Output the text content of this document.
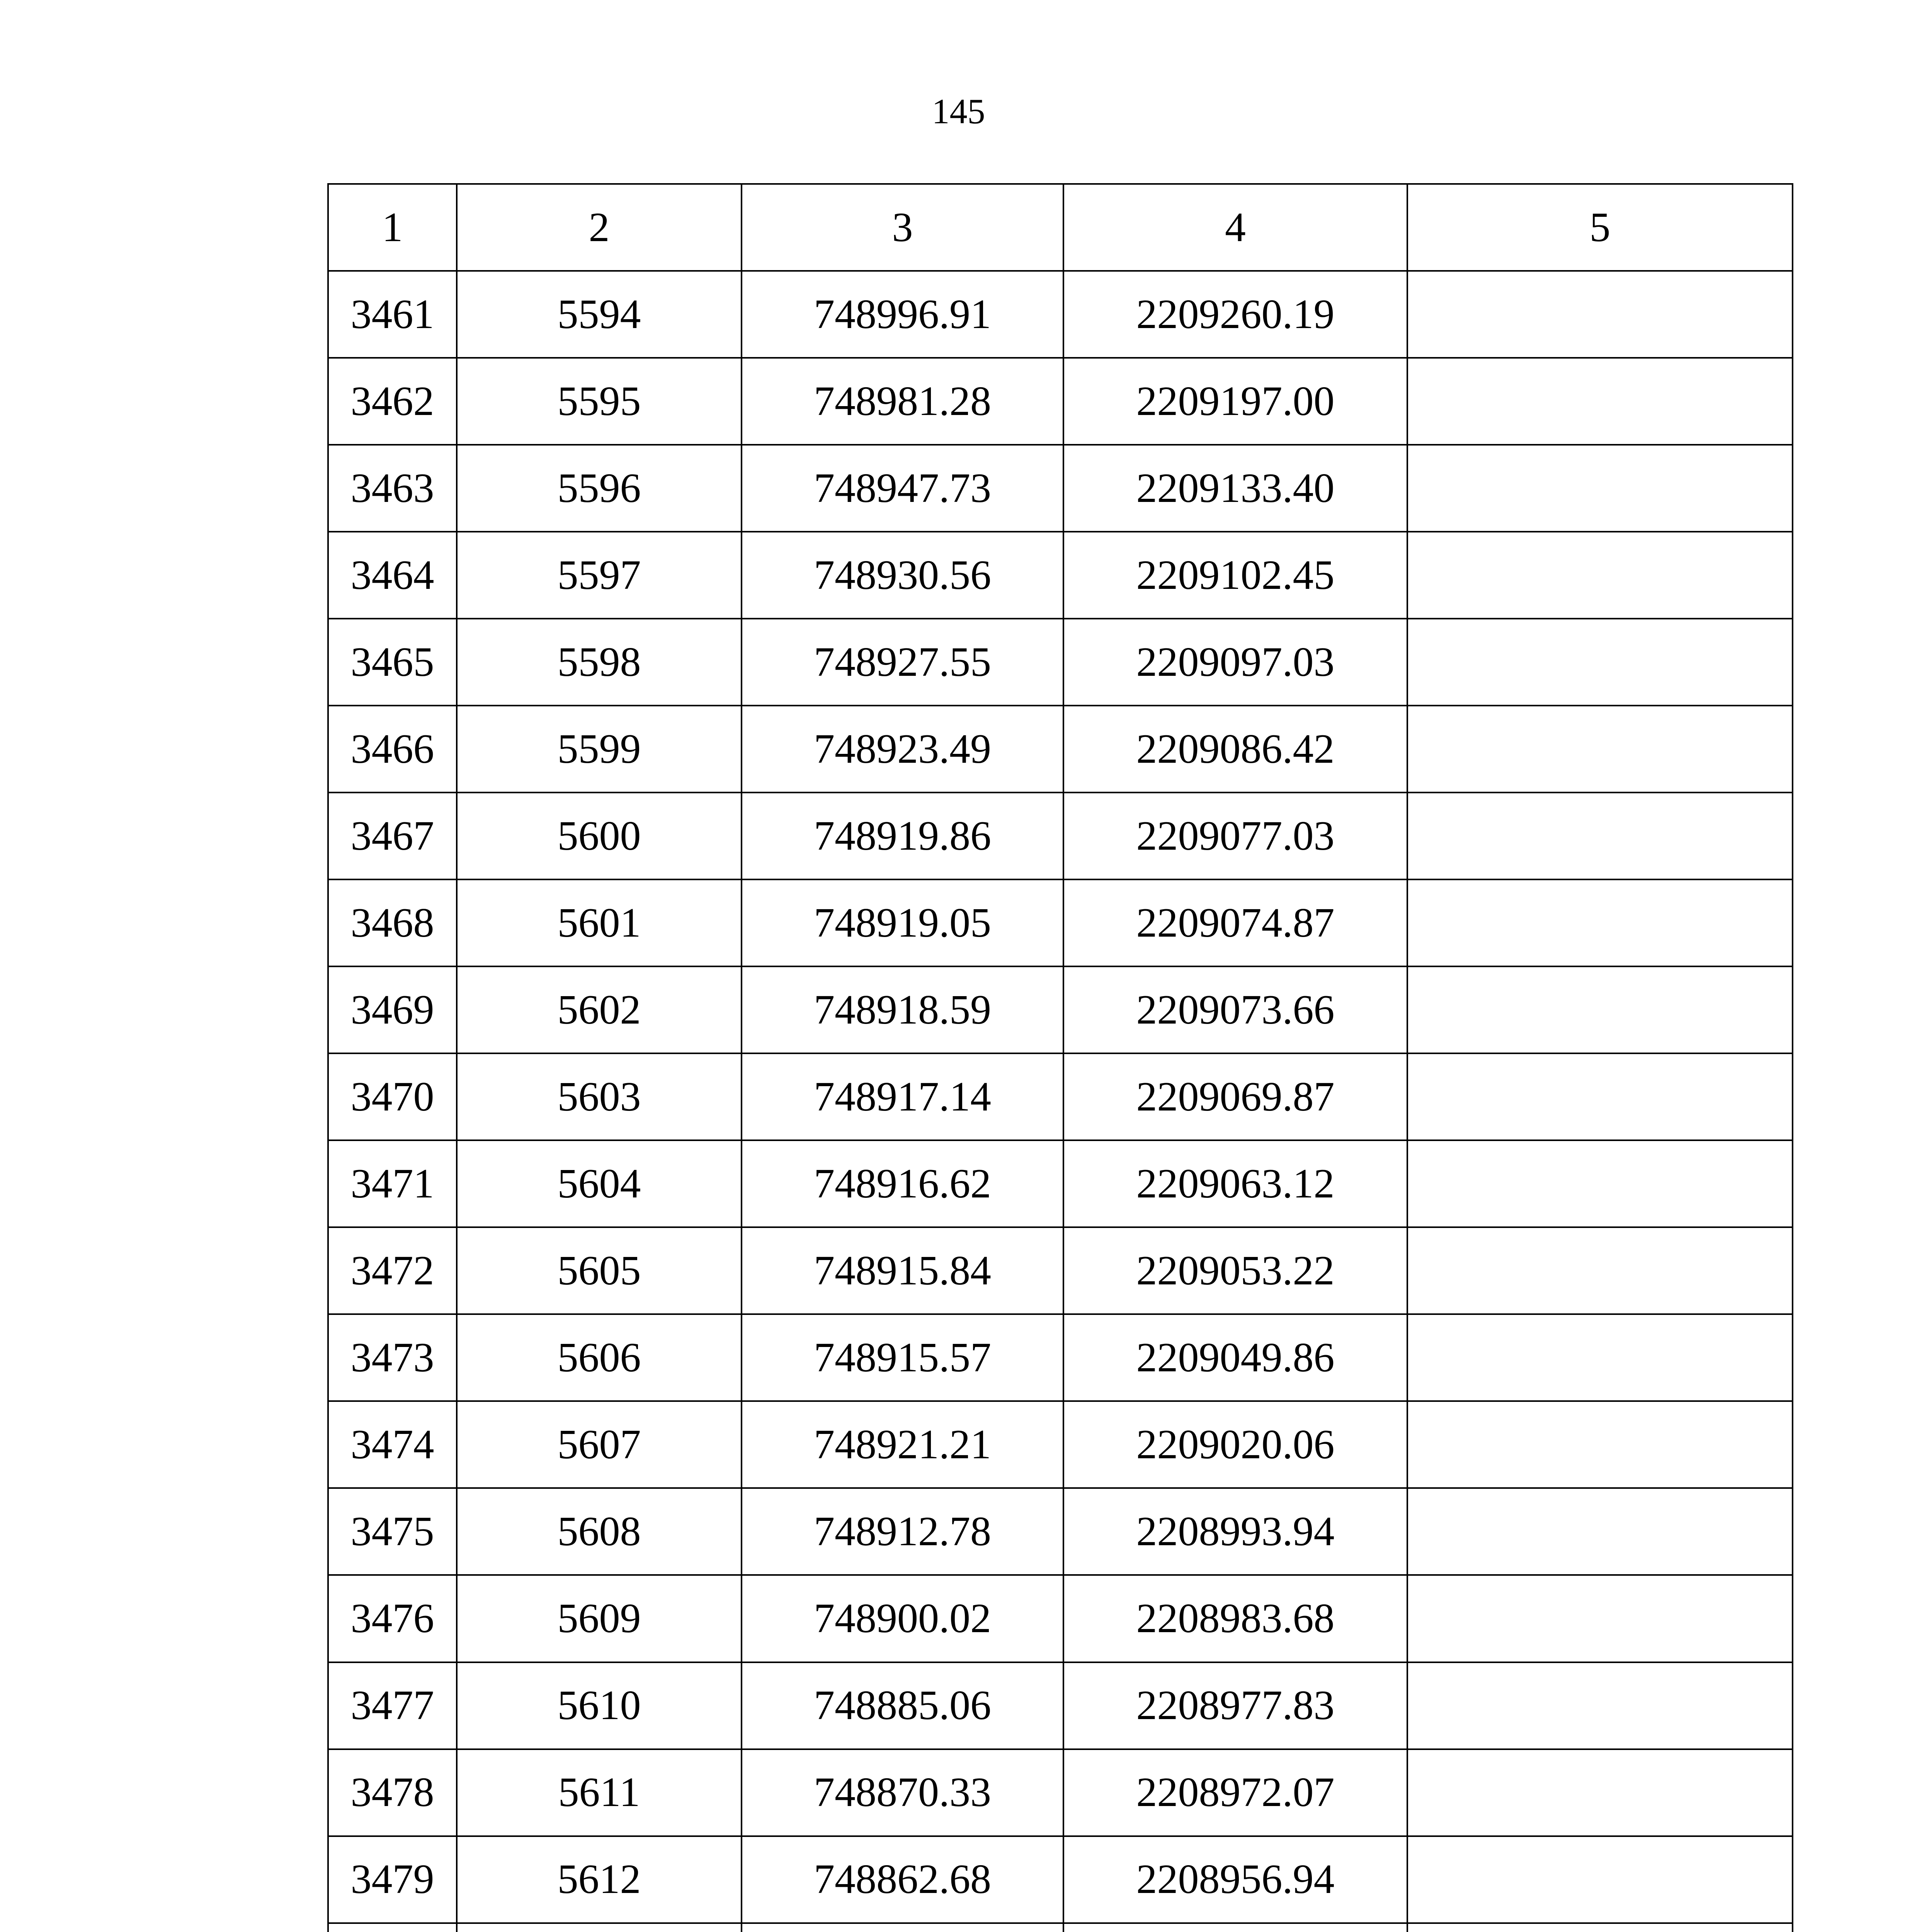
145
1	2	3	4	5
3461	5594	748996.91	2209260.19	
3462	5595	748981.28	2209197.00	
3463	5596	748947.73	2209133.40	
3464	5597	748930.56	2209102.45	
3465	5598	748927.55	2209097.03	
3466	5599	748923.49	2209086.42	
3467	5600	748919.86	2209077.03	
3468	5601	748919.05	2209074.87	
3469	5602	748918.59	2209073.66	
3470	5603	748917.14	2209069.87	
3471	5604	748916.62	2209063.12	
3472	5605	748915.84	2209053.22	
3473	5606	748915.57	2209049.86	
3474	5607	748921.21	2209020.06	
3475	5608	748912.78	2208993.94	
3476	5609	748900.02	2208983.68	
3477	5610	748885.06	2208977.83	
3478	5611	748870.33	2208972.07	
3479	5612	748862.68	2208956.94	
